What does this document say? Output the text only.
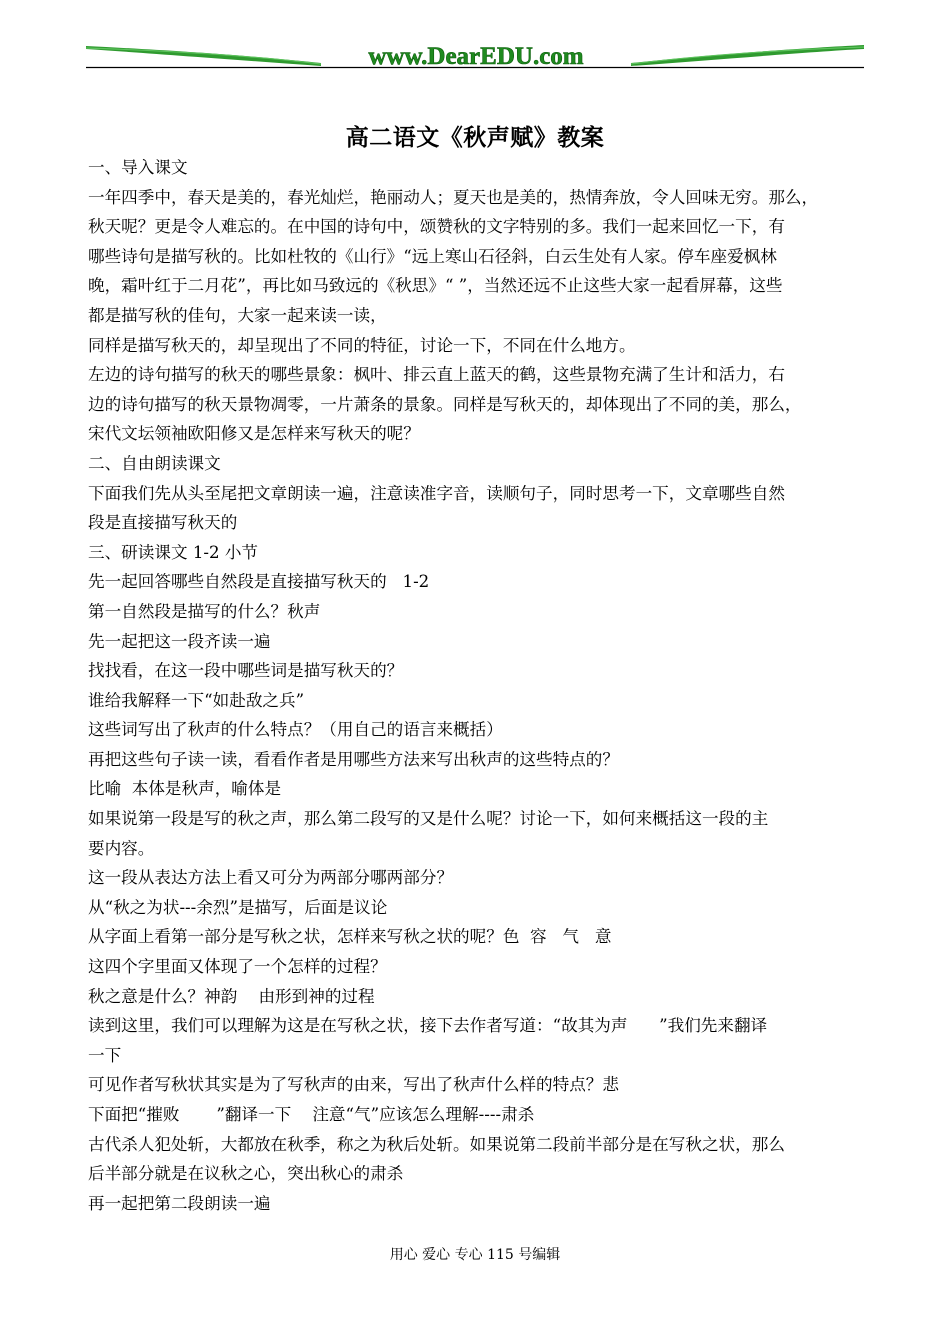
www.DearEDU.com
高二语文《秋声赋》教案
一、导入课文
一年四季中，春天是美的，春光灿烂，艳丽动人；夏天也是美的，热情奔放，令人回味无穷。那么，
秋天呢？更是令人难忘的。在中国的诗句中，颂赞秋的文字特别的多。我们一起来回忆一下，有
哪些诗句是描写秋的。比如杜牧的《山行》“远上寒山石径斜，白云生处有人家。停车座爱枫林
晚，霜叶红于二月花”，再比如马致远的《秋思》“ ”，当然还远不止这些大家一起看屏幕，这些
都是描写秋的佳句，大家一起来读一读，
同样是描写秋天的，却呈现出了不同的特征，讨论一下，不同在什么地方。
左边的诗句描写的秋天的哪些景象：枫叶、排云直上蓝天的鹤，这些景物充满了生计和活力，右
边的诗句描写的秋天景物凋零，一片萧条的景象。同样是写秋天的，却体现出了不同的美，那么，
宋代文坛领袖欧阳修又是怎样来写秋天的呢？
二、自由朗读课文
下面我们先从头至尾把文章朗读一遍，注意读准字音，读顺句子，同时思考一下，文章哪些自然
段是直接描写秋天的
三、研读课文 1-2 小节
先一起回答哪些自然段是直接描写秋天的   1-2
第一自然段是描写的什么？秋声
先一起把这一段齐读一遍
找找看，在这一段中哪些词是描写秋天的？
谁给我解释一下“如赴敌之兵”
这些词写出了秋声的什么特点？（用自己的语言来概括）
再把这些句子读一读，看看作者是用哪些方法来写出秋声的这些特点的？
比喻  本体是秋声，喻体是
如果说第一段是写的秋之声，那么第二段写的又是什么呢？讨论一下，如何来概括这一段的主
要内容。
这一段从表达方法上看又可分为两部分哪两部分？
从“秋之为状---余烈”是描写，后面是议论
从字面上看第一部分是写秋之状，怎样来写秋之状的呢？色  容   气   意
这四个字里面又体现了一个怎样的过程？
秋之意是什么？神韵    由形到神的过程
读到这里，我们可以理解为这是在写秋之状，接下去作者写道：“故其为声      ”我们先来翻译
一下
可见作者写秋状其实是为了写秋声的由来，写出了秋声什么样的特点？悲
下面把“摧败       ”翻译一下    注意“气”应该怎么理解----肃杀
古代杀人犯处斩，大都放在秋季，称之为秋后处斩。如果说第二段前半部分是在写秋之状，那么
后半部分就是在议秋之心，突出秋心的肃杀
再一起把第二段朗读一遍
用心 爱心 专心 115 号编辑
